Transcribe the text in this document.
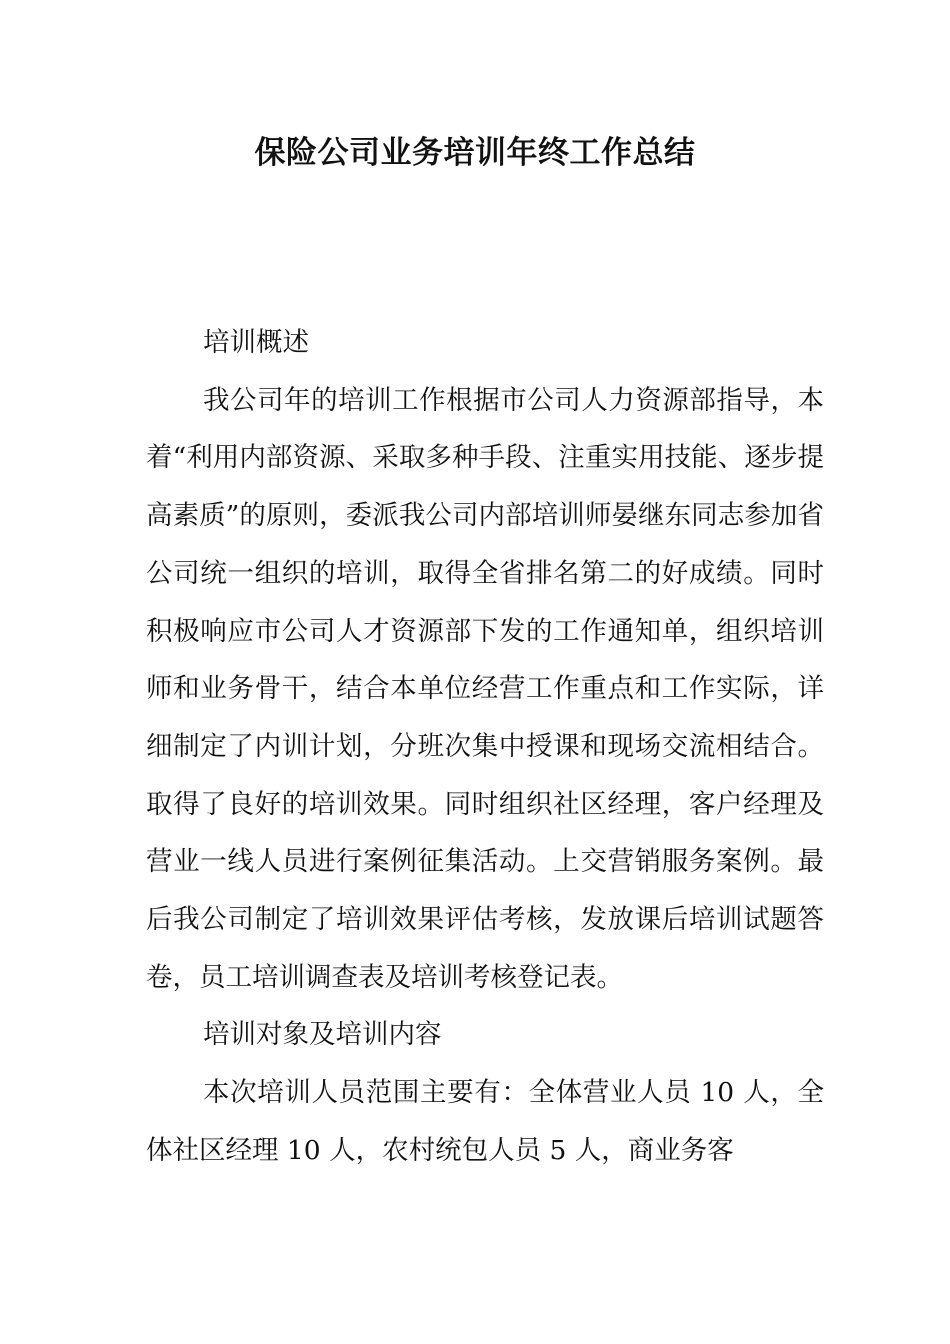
保险公司业务培训年终工作总结

培训概述

我公司年的培训工作根据市公司人力资源部指导，本着“利用内部资源、采取多种手段、注重实用技能、逐步提高素质”的原则，委派我公司内部培训师晏继东同志参加省公司统一组织的培训，取得全省排名第二的好成绩。同时积极响应市公司人才资源部下发的工作通知单，组织培训师和业务骨干，结合本单位经营工作重点和工作实际，详细制定了内训计划，分班次集中授课和现场交流相结合。取得了良好的培训效果。同时组织社区经理，客户经理及营业一线人员进行案例征集活动。上交营销服务案例。最后我公司制定了培训效果评估考核，发放课后培训试题答卷，员工培训调查表及培训考核登记表。

培训对象及培训内容

本次培训人员范围主要有：全体营业人员 10 人，全体社区经理 10 人，农村统包人员 5 人，商业务客
